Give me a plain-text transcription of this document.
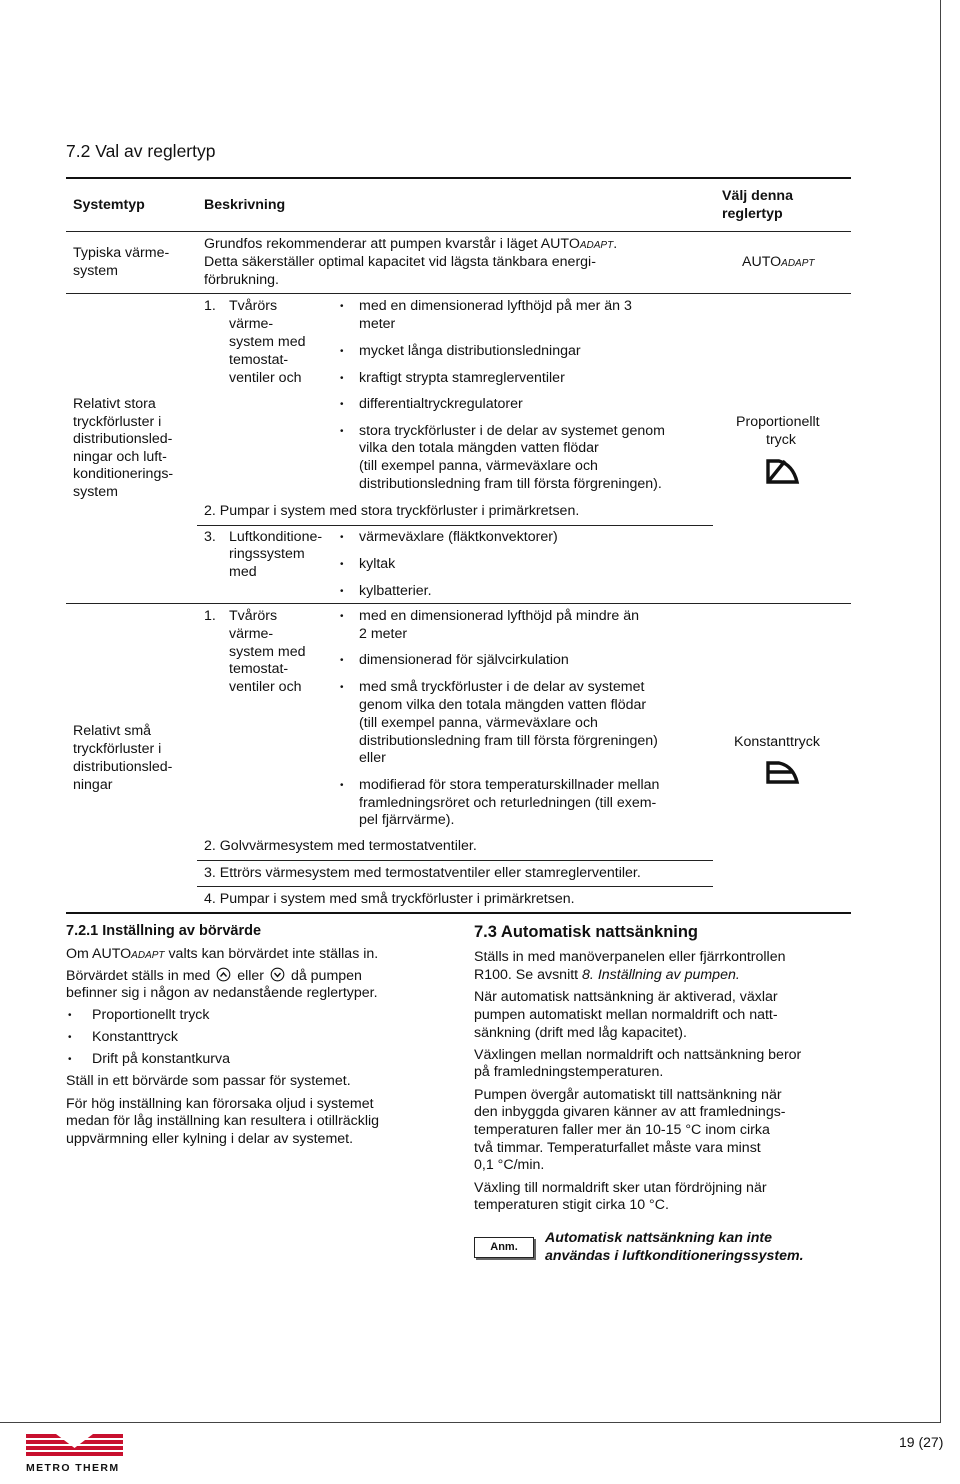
7.2 Val av reglertyp
Systemtyp	Beskrivning
Välj denna
reglertyp
Typiska värme-
system
Grundfos rekommenderar att pumpen kvarstår i läget AUTOADAPT.
Detta säkerställer optimal kapacitet vid lägsta tänkbara energi-
förbrukning.
AUTOADAPT
Relativt stora
tryckförluster i
distributionsled-
ningar och luft-
konditionerings-
system
1. Tvårörs
värme-
system med
temostat-
ventiler och
• med en dimensionerad lyfthöjd på mer än 3
meter
• mycket långa distributionsledningar
• kraftigt strypta stamreglerventiler
• differentialtryckregulatorer
• stora tryckförluster i de delar av systemet genom
vilka den totala mängden vatten flödar
(till exempel panna, värmeväxlare och
distributionsledning fram till första förgreningen).
2. Pumpar i system med stora tryckförluster i primärkretsen.
3. Luftkonditione-
ringssystem
med
• värmeväxlare (fläktkonvektorer)
• kyltak
• kylbatterier.
Proportionellt
tryck
Relativt små
tryckförluster i
distributionsled-
ningar
1. Tvårörs
värme-
system med
temostat-
ventiler och
• med en dimensionerad lyfthöjd på mindre än
2 meter
• dimensionerad för självcirkulation
• med små tryckförluster i de delar av systemet
genom vilka den totala mängden vatten flödar
(till exempel panna, värmeväxlare och
distributionsledning fram till första förgreningen)
eller
• modifierad för stora temperaturskillnader mellan
framledningsröret och returledningen (till exem-
pel fjärrvärme).
2. Golvvärmesystem med termostatventiler.
3. Ettrörs värmesystem med termostatventiler eller stamreglerventiler.
4. Pumpar i system med små tryckförluster i primärkretsen.
Konstanttryck
7.2.1 Inställning av börvärde
Om AUTOADAPT valts kan börvärdet inte ställas in.
Börvärdet ställs in med eller då pumpen
befinner sig i någon av nedanstående reglertyper.
• Proportionellt tryck
• Konstanttryck
• Drift på konstantkurva
Ställ in ett börvärde som passar för systemet.
För hög inställning kan förorsaka oljud i systemet
medan för låg inställning kan resultera i otillräcklig
uppvärmning eller kylning i delar av systemet.
7.3 Automatisk nattsänkning
Ställs in med manöverpanelen eller fjärrkontrollen
R100. Se avsnitt 8. Inställning av pumpen.
När automatisk nattsänkning är aktiverad, växlar
pumpen automatiskt mellan normaldrift och natt-
sänkning (drift med låg kapacitet).
Växlingen mellan normaldrift och nattsänkning beror
på framledningstemperaturen.
Pumpen övergår automatiskt till nattsänkning när
den inbyggda givaren känner av att framlednings-
temperaturen faller mer än 10-15 °C inom cirka
två timmar. Temperaturfallet måste vara minst
0,1 °C/min.
Växling till normaldrift sker utan fördröjning när
temperaturen stigit cirka 10 °C.
Anm.
Automatisk nattsänkning kan inte
användas i luftkonditioneringssystem.
METRO THERM
19 (27)
